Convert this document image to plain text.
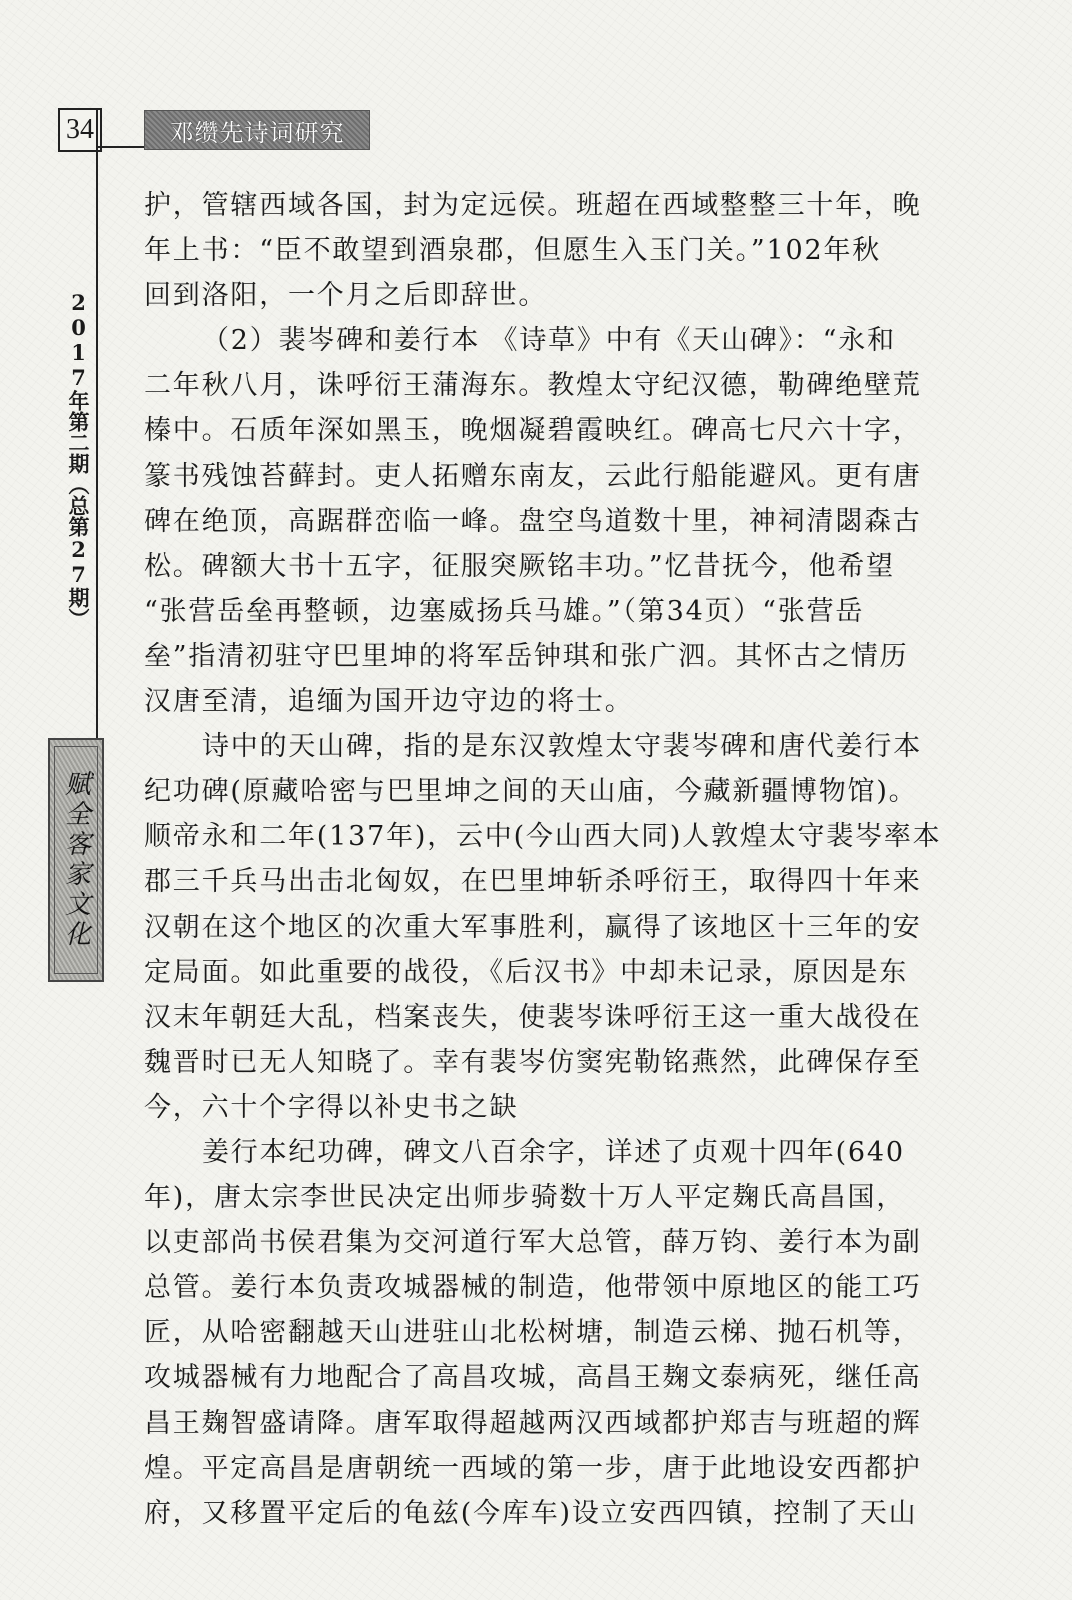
34	邓缵先诗词研究
2017年第二期（总第27期）
赋全客家文化

护，管辖西域各国，封为定远侯。班超在西域整整三十年，晚

年上书：“臣不敢望到酒泉郡，但愿生入玉门关。”102年秋

回到洛阳，一个月之后即辞世。

（2）裴岑碑和姜行本 《诗草》中有《天山碑》：“永和

二年秋八月，诛呼衍王蒲海东。教煌太守纪汉德，勒碑绝壁荒

榛中。石质年深如黑玉，晚烟凝碧霞映红。碑高七尺六十字，

篆书残蚀苔藓封。吏人拓赠东南友，云此行船能避风。更有唐

碑在绝顶，高踞群峦临一峰。盘空鸟道数十里，神祠清閟森古

松。碑额大书十五字，征服突厥铭丰功。”忆昔抚今，他希望

“张营岳垒再整顿，边塞威扬兵马雄。”（第34页）“张营岳

垒”指清初驻守巴里坤的将军岳钟琪和张广泗。其怀古之情历

汉唐至清，追缅为国开边守边的将士。

诗中的天山碑，指的是东汉敦煌太守裴岑碑和唐代姜行本

纪功碑(原藏哈密与巴里坤之间的天山庙，今藏新疆博物馆)。

顺帝永和二年(137年)，云中(今山西大同)人敦煌太守裴岑率本

郡三千兵马出击北匈奴，在巴里坤斩杀呼衍王，取得四十年来

汉朝在这个地区的次重大军事胜利，赢得了该地区十三年的安

定局面。如此重要的战役，《后汉书》中却未记录，原因是东

汉末年朝廷大乱，档案丧失，使裴岑诛呼衍王这一重大战役在

魏晋时已无人知晓了。幸有裴岑仿窦宪勒铭燕然，此碑保存至

今，六十个字得以补史书之缺

姜行本纪功碑，碑文八百余字，详述了贞观十四年(640

年)，唐太宗李世民决定出师步骑数十万人平定麹氏高昌国，

以吏部尚书侯君集为交河道行军大总管，薛万钧、姜行本为副

总管。姜行本负责攻城器械的制造，他带领中原地区的能工巧

匠，从哈密翻越天山进驻山北松树塘，制造云梯、抛石机等，

攻城器械有力地配合了高昌攻城，高昌王麹文泰病死，继任高

昌王麹智盛请降。唐军取得超越两汉西域都护郑吉与班超的辉

煌。平定高昌是唐朝统一西域的第一步，唐于此地设安西都护

府，又移置平定后的龟兹(今库车)设立安西四镇，控制了天山
